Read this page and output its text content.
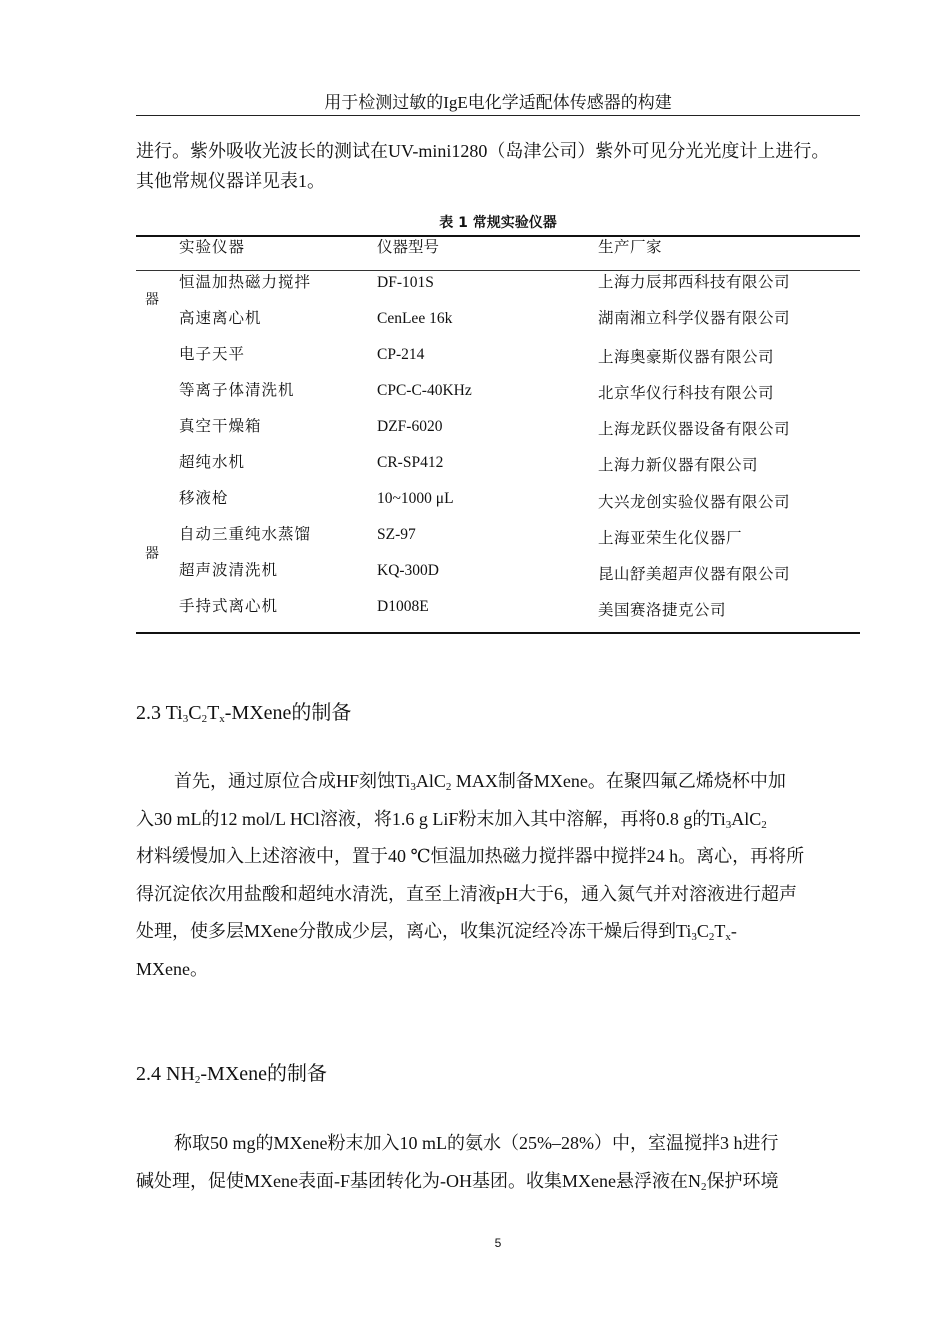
用于检测过敏的IgE电化学适配体传感器的构建

进行。紫外吸收光波长的测试在UV-mini1280（岛津公司）紫外可见分光光度计上进行。

其他常规仪器详见表1。

表 1 常规实验仪器
实验仪器	仪器型号	生产厂家
器
器
恒温加热磁力搅拌	DF-101S	上海力辰邦西科技有限公司
高速离心机	CenLee 16k	湖南湘立科学仪器有限公司
电子天平	CP-214	上海奥豪斯仪器有限公司
等离子体清洗机	CPC-C-40KHz	北京华仪行科技有限公司
真空干燥箱	DZF-6020	上海龙跃仪器设备有限公司
超纯水机	CR-SP412	上海力新仪器有限公司
移液枪	10~1000 μL	大兴龙创实验仪器有限公司
自动三重纯水蒸馏	SZ-97	上海亚荣生化仪器厂
超声波清洗机	KQ-300D	昆山舒美超声仪器有限公司
手持式离心机	D1008E	美国赛洛捷克公司
2.3 $Ti_3C_2T_x$-MXene的制备

首先，通过原位合成HF刻蚀$Ti_3AlC_2$ MAX制备MXene。在聚四氟乙烯烧杯中加

入30 mL的12 mol/L HCl溶液，将1.6 g LiF粉末加入其中溶解，再将0.8 g的$Ti_3AlC_2$

材料缓慢加入上述溶液中，置于40 ℃恒温加热磁力搅拌器中搅拌24 h。离心，再将所

得沉淀依次用盐酸和超纯水清洗，直至上清液pH大于6，通入氮气并对溶液进行超声

处理，使多层MXene分散成少层，离心，收集沉淀经冷冻干燥后得到$Ti_3C_2T_x-$

MXene。

2.4 $NH_2$-MXene的制备

称取50 mg的MXene粉末加入10 mL的氨水（25%–28%）中，室温搅拌3 h进行

碱处理，促使MXene表面-F基团转化为-OH基团。收集MXene悬浮液在$N_2$保护环境

5
